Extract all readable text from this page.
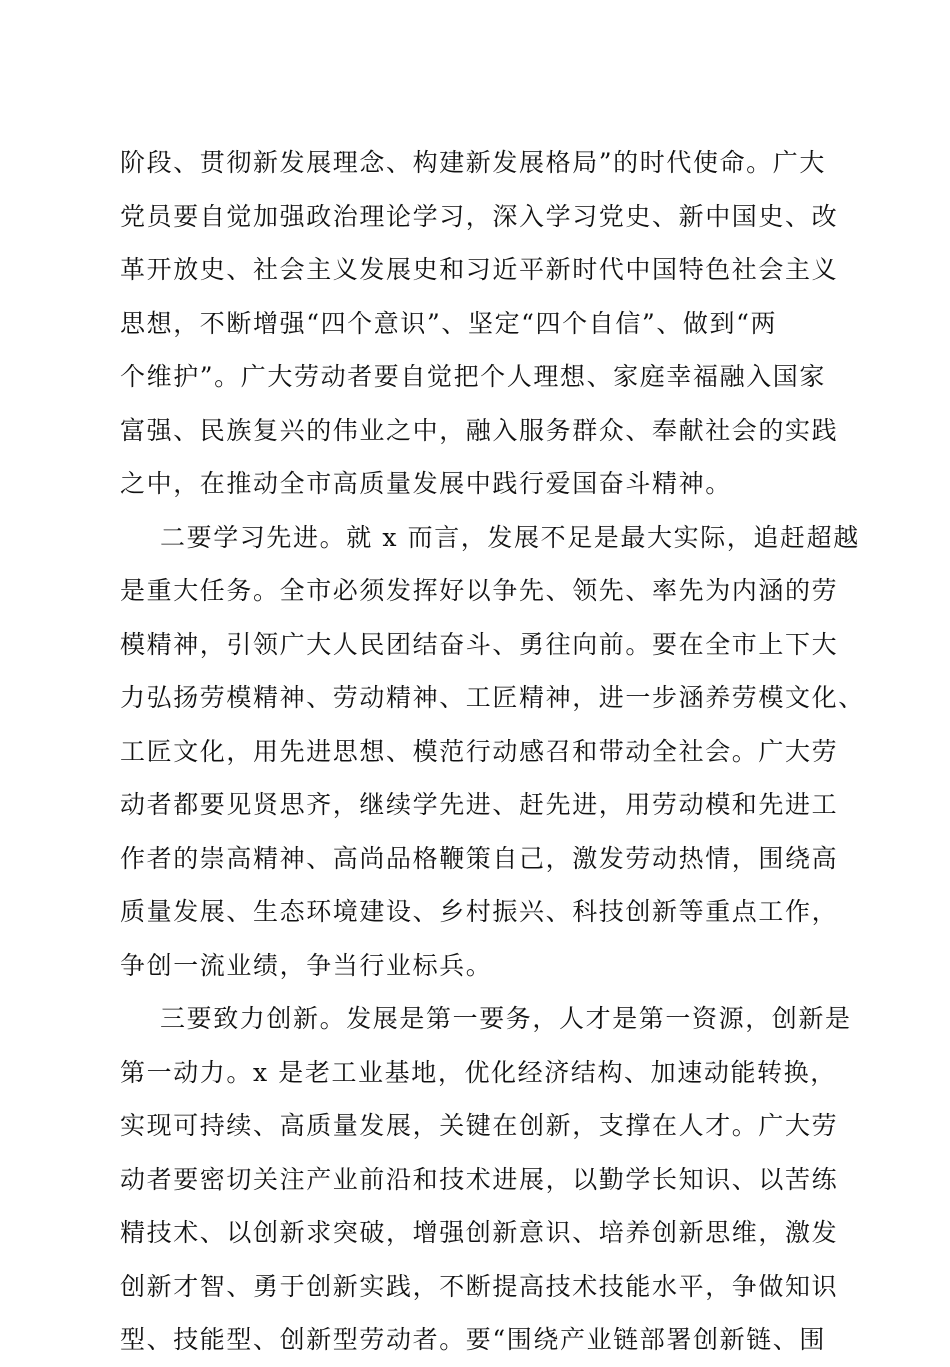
阶段、贯彻新发展理念、构建新发展格局”的时代使命。广大
党员要自觉加强政治理论学习，深入学习党史、新中国史、改
革开放史、社会主义发展史和习近平新时代中国特色社会主义
思想，不断增强“四个意识”、坚定“四个自信”、做到“两
个维护”。广大劳动者要自觉把个人理想、家庭幸福融入国家
富强、民族复兴的伟业之中，融入服务群众、奉献社会的实践
之中，在推动全市高质量发展中践行爱国奋斗精神。
二要学习先进。就 x 而言，发展不足是最大实际，追赶超越
是重大任务。全市必须发挥好以争先、领先、率先为内涵的劳
模精神，引领广大人民团结奋斗、勇往向前。要在全市上下大
力弘扬劳模精神、劳动精神、工匠精神，进一步涵养劳模文化、
工匠文化，用先进思想、模范行动感召和带动全社会。广大劳
动者都要见贤思齐，继续学先进、赶先进，用劳动模和先进工
作者的崇高精神、高尚品格鞭策自己，激发劳动热情，围绕高
质量发展、生态环境建设、乡村振兴、科技创新等重点工作，
争创一流业绩，争当行业标兵。
三要致力创新。发展是第一要务，人才是第一资源，创新是
第一动力。x 是老工业基地，优化经济结构、加速动能转换，
实现可持续、高质量发展，关键在创新，支撑在人才。广大劳
动者要密切关注产业前沿和技术进展，以勤学长知识、以苦练
精技术、以创新求突破，增强创新意识、培养创新思维，激发
创新才智、勇于创新实践，不断提高技术技能水平，争做知识
型、技能型、创新型劳动者。要“围绕产业链部署创新链、围
